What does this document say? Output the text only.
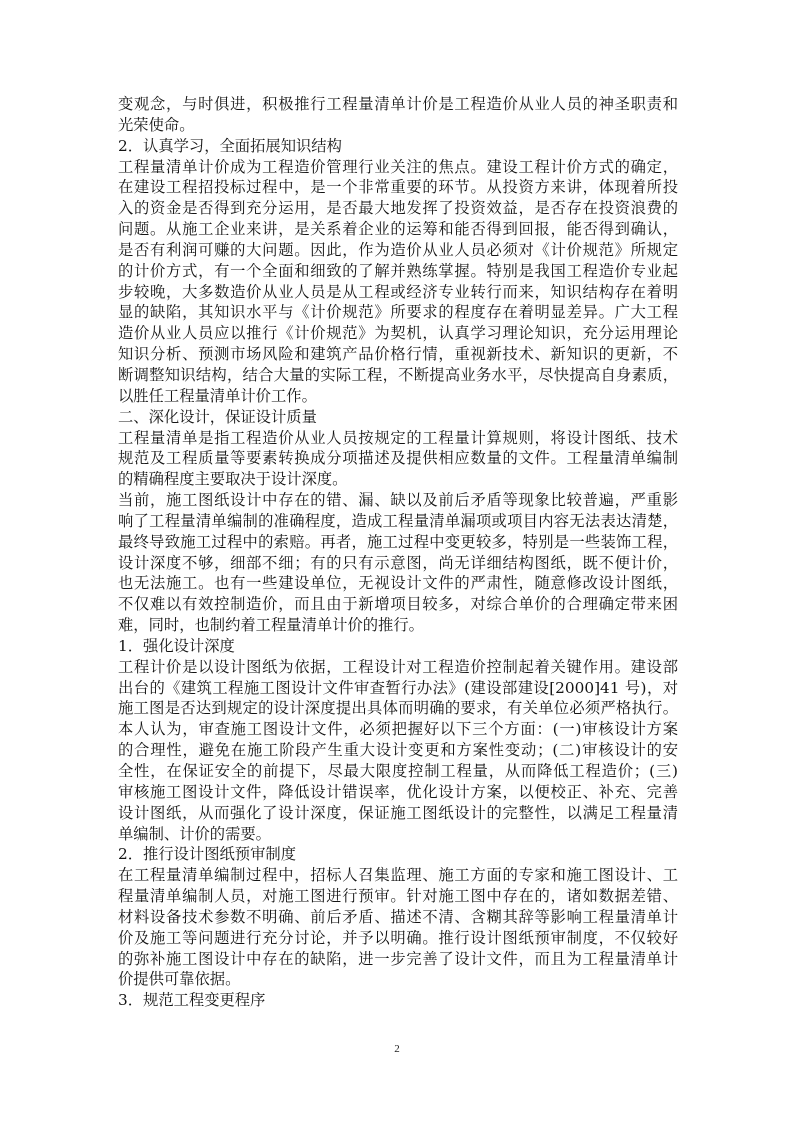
变观念，与时俱进，积极推行工程量清单计价是工程造价从业人员的神圣职责和
光荣使命。
2．认真学习，全面拓展知识结构
工程量清单计价成为工程造价管理行业关注的焦点。建设工程计价方式的确定，
在建设工程招投标过程中，是一个非常重要的环节。从投资方来讲，体现着所投
入的资金是否得到充分运用，是否最大地发挥了投资效益，是否存在投资浪费的
问题。从施工企业来讲，是关系着企业的运筹和能否得到回报，能否得到确认，
是否有利润可赚的大问题。因此，作为造价从业人员必须对《计价规范》所规定
的计价方式，有一个全面和细致的了解并熟练掌握。特别是我国工程造价专业起
步较晚，大多数造价从业人员是从工程或经济专业转行而来，知识结构存在着明
显的缺陷，其知识水平与《计价规范》所要求的程度存在着明显差异。广大工程
造价从业人员应以推行《计价规范》为契机，认真学习理论知识，充分运用理论
知识分析、预测市场风险和建筑产品价格行情，重视新技术、新知识的更新，不
断调整知识结构，结合大量的实际工程，不断提高业务水平，尽快提高自身素质，
以胜任工程量清单计价工作。
二、深化设计，保证设计质量
工程量清单是指工程造价从业人员按规定的工程量计算规则，将设计图纸、技术
规范及工程质量等要素转换成分项描述及提供相应数量的文件。工程量清单编制
的精确程度主要取决于设计深度。
当前，施工图纸设计中存在的错、漏、缺以及前后矛盾等现象比较普遍，严重影
响了工程量清单编制的准确程度，造成工程量清单漏项或项目内容无法表达清楚，
最终导致施工过程中的索赔。再者，施工过程中变更较多，特别是一些装饰工程，
设计深度不够，细部不细；有的只有示意图，尚无详细结构图纸，既不便计价，
也无法施工。也有一些建设单位，无视设计文件的严肃性，随意修改设计图纸，
不仅难以有效控制造价，而且由于新增项目较多，对综合单价的合理确定带来困
难，同时，也制约着工程量清单计价的推行。
1．强化设计深度
工程计价是以设计图纸为依据，工程设计对工程造价控制起着关键作用。建设部
出台的《建筑工程施工图设计文件审查暂行办法》(建设部建设[2000]41 号)，对
施工图是否达到规定的设计深度提出具体而明确的要求，有关单位必须严格执行。
本人认为，审查施工图设计文件，必须把握好以下三个方面：(一)审核设计方案
的合理性，避免在施工阶段产生重大设计变更和方案性变动；(二)审核设计的安
全性，在保证安全的前提下，尽最大限度控制工程量，从而降低工程造价；(三)
审核施工图设计文件，降低设计错误率，优化设计方案，以便校正、补充、完善
设计图纸，从而强化了设计深度，保证施工图纸设计的完整性，以满足工程量清
单编制、计价的需要。
2．推行设计图纸预审制度
在工程量清单编制过程中，招标人召集监理、施工方面的专家和施工图设计、工
程量清单编制人员，对施工图进行预审。针对施工图中存在的，诸如数据差错、
材料设备技术参数不明确、前后矛盾、描述不清、含糊其辞等影响工程量清单计
价及施工等问题进行充分讨论，并予以明确。推行设计图纸预审制度，不仅较好
的弥补施工图设计中存在的缺陷，进一步完善了设计文件，而且为工程量清单计
价提供可靠依据。
3．规范工程变更程序
2
